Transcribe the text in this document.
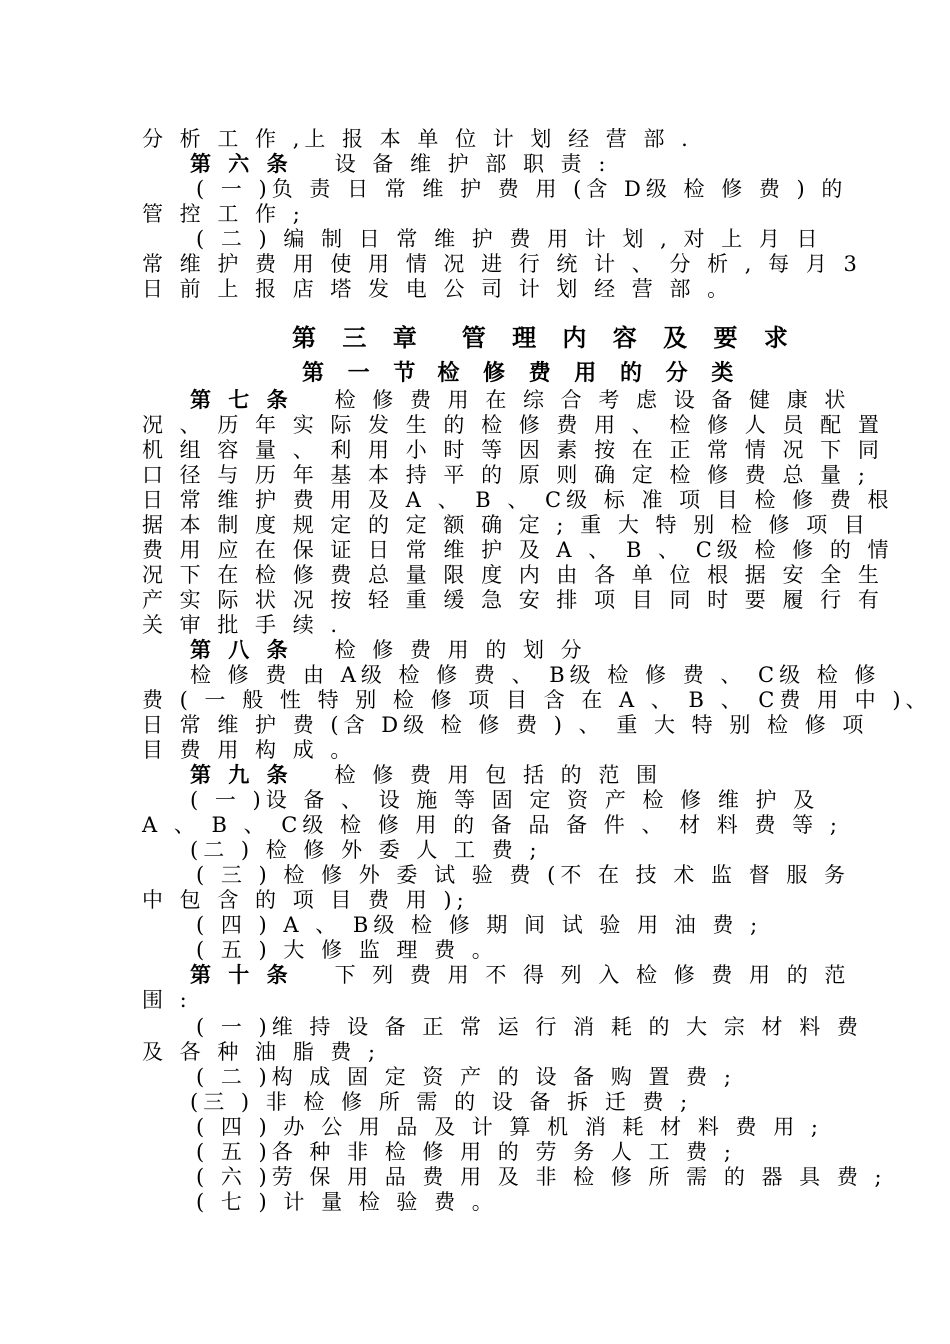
分 析 工 作 ,上 报 本 单 位 计 划 经 营 部 .
第 六 条 设 备 维 护 部 职 责 :
( 一 )负 责 日 常 维 护 费 用 (含 D级 检 修 费 ) 的
管 控 工 作 ;
( 二 ) 编 制 日 常 维 护 费 用 计 划 , 对 上 月 日
常 维 护 费 用 使 用 情 况 进 行 统 计 、 分 析 , 每 月 3
日 前 上 报 店 塔 发 电 公 司 计 划 经 营 部 。
第 三 章 管 理 内 容 及 要 求
第 一 节 检 修 费 用 的 分 类
第 七 条 检 修 费 用 在 综 合 考 虑 设 备 健 康 状
况 、 历 年 实 际 发 生 的 检 修 费 用 、 检 修 人 员 配 置
机 组 容 量 、 利 用 小 时 等 因 素 按 在 正 常 情 况 下 同
口 径 与 历 年 基 本 持 平 的 原 则 确 定 检 修 费 总 量 ;
日 常 维 护 费 用 及 A 、 B 、 C级 标 准 项 目 检 修 费 根
据 本 制 度 规 定 的 定 额 确 定 ; 重 大 特 别 检 修 项 目
费 用 应 在 保 证 日 常 维 护 及 A 、 B 、 C级 检 修 的 情
况 下 在 检 修 费 总 量 限 度 内 由 各 单 位 根 据 安 全 生
产 实 际 状 况 按 轻 重 缓 急 安 排 项 目 同 时 要 履 行 有
关 审 批 手 续 .
第 八 条 检 修 费 用 的 划 分
检 修 费 由 A级 检 修 费 、 B级 检 修 费 、 C级 检 修
费 ( 一 般 性 特 别 检 修 项 目 含 在 A 、 B 、 C费 用 中 )、
日 常 维 护 费 (含 D级 检 修 费 ) 、 重 大 特 别 检 修 项
目 费 用 构 成 。
第 九 条 检 修 费 用 包 括 的 范 围
( 一 )设 备 、 设 施 等 固 定 资 产 检 修 维 护 及
A 、 B 、 C级 检 修 用 的 备 品 备 件 、 材 料 费 等 ;
(二 ) 检 修 外 委 人 工 费 ;
( 三 ) 检 修 外 委 试 验 费 (不 在 技 术 监 督 服 务
中 包 含 的 项 目 费 用 );
( 四 ) A 、 B级 检 修 期 间 试 验 用 油 费 ;
( 五 ) 大 修 监 理 费 。
第 十 条 下 列 费 用 不 得 列 入 检 修 费 用 的 范
围 :
( 一 )维 持 设 备 正 常 运 行 消 耗 的 大 宗 材 料 费
及 各 种 油 脂 费 ;
( 二 )构 成 固 定 资 产 的 设 备 购 置 费 ;
(三 ) 非 检 修 所 需 的 设 备 拆 迁 费 ;
( 四 ) 办 公 用 品 及 计 算 机 消 耗 材 料 费 用 ;
( 五 )各 种 非 检 修 用 的 劳 务 人 工 费 ;
( 六 )劳 保 用 品 费 用 及 非 检 修 所 需 的 器 具 费 ;
( 七 ) 计 量 检 验 费 。
